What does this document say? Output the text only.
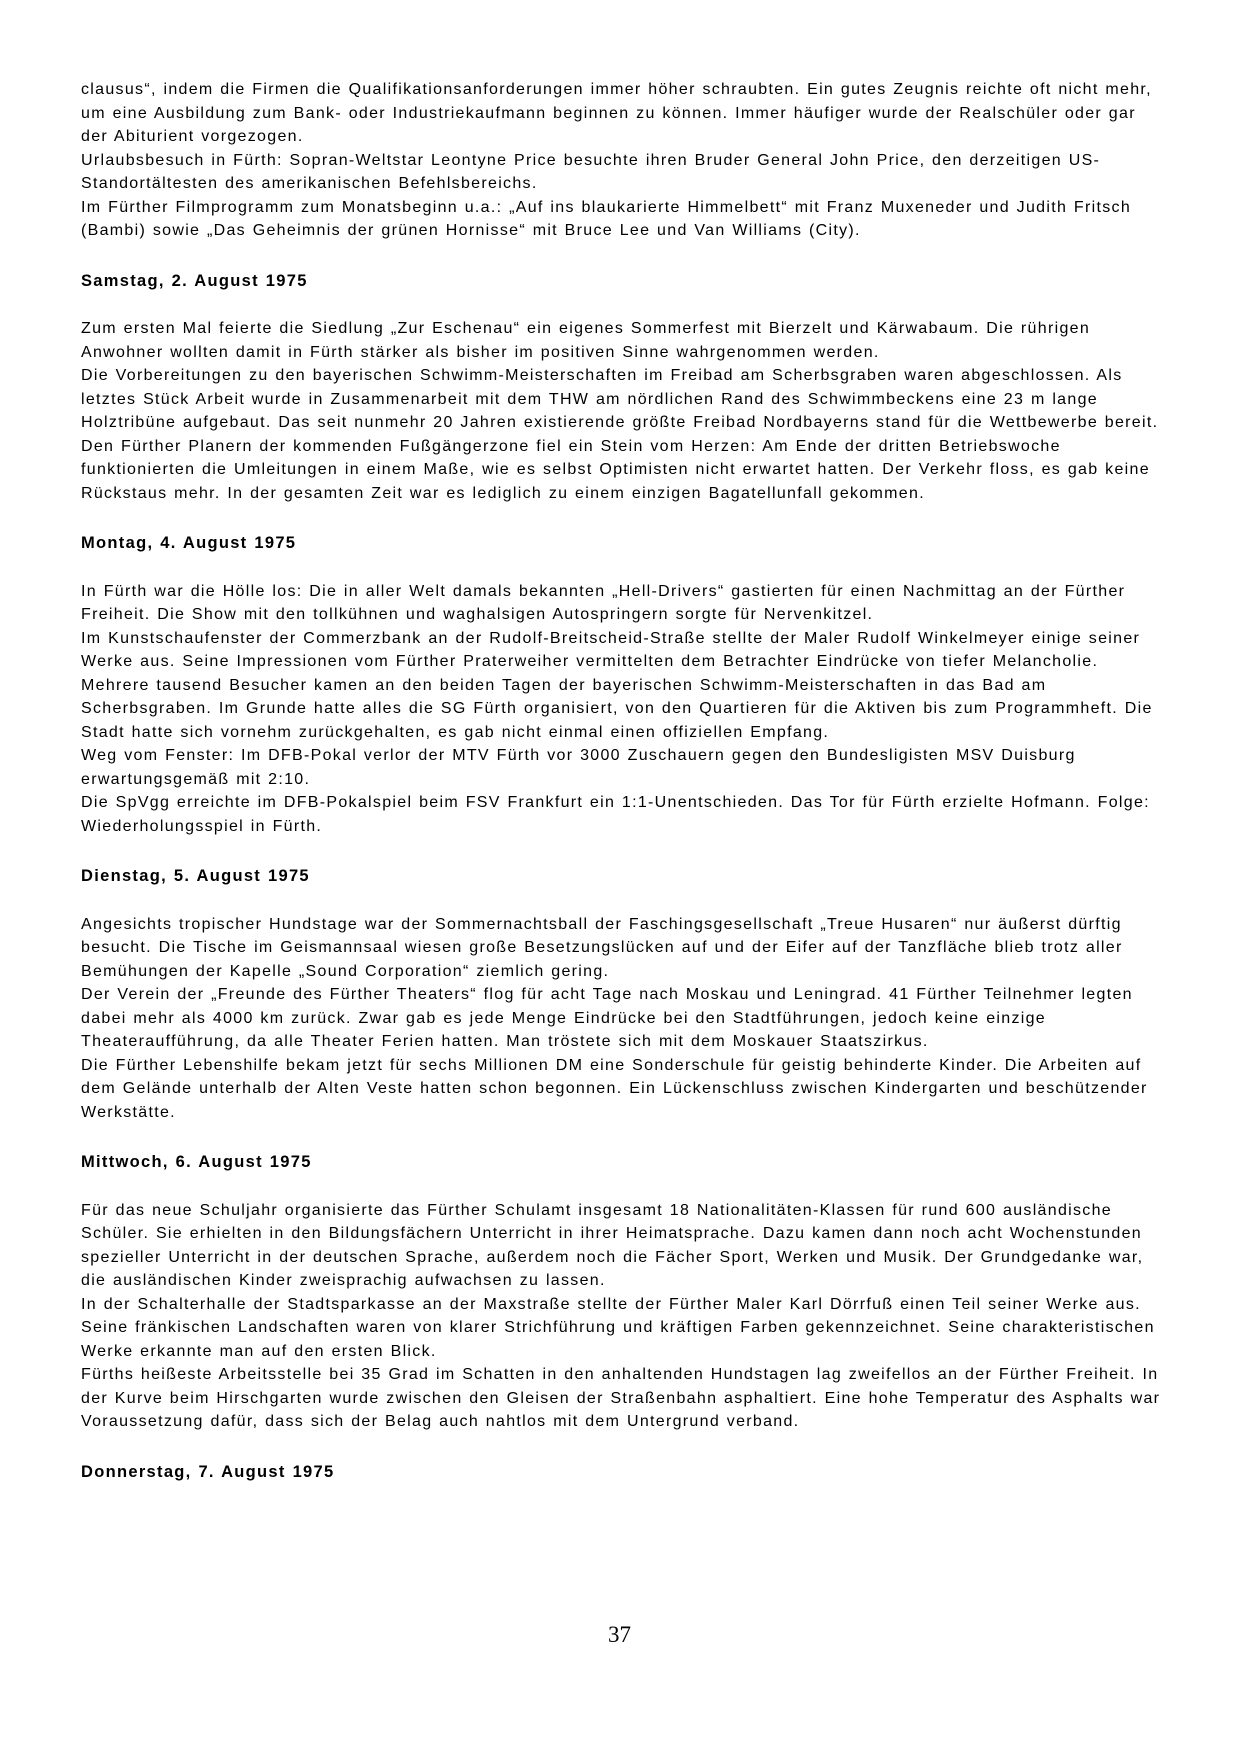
clausus“, indem die Firmen die Qualifikationsanforderungen immer höher schraubten. Ein gutes Zeugnis reichte oft nicht mehr, um eine Ausbildung zum Bank- oder Industriekaufmann beginnen zu können. Immer häufiger wurde der Realschüler oder gar der Abiturient vorgezogen.

Urlaubsbesuch in Fürth: Sopran-Weltstar Leontyne Price besuchte ihren Bruder General John Price, den derzeitigen US-Standortältesten des amerikanischen Befehlsbereichs.

Im Fürther Filmprogramm zum Monatsbeginn u.a.: „Auf ins blaukarierte Himmelbett“ mit Franz Muxeneder und Judith Fritsch (Bambi) sowie „Das Geheimnis der grünen Hornisse“ mit Bruce Lee und Van Williams (City).

Samstag, 2. August 1975

Zum ersten Mal feierte die Siedlung „Zur Eschenau“ ein eigenes Sommerfest mit Bierzelt und Kärwabaum. Die rührigen Anwohner wollten damit in Fürth stärker als bisher im positiven Sinne wahrgenommen werden.

Die Vorbereitungen zu den bayerischen Schwimm-Meisterschaften im Freibad am Scherbsgraben waren abgeschlossen. Als letztes Stück Arbeit wurde in Zusammenarbeit mit dem THW am nördlichen Rand des Schwimmbeckens eine 23 m lange Holztribüne aufgebaut. Das seit nunmehr 20 Jahren existierende größte Freibad Nordbayerns stand für die Wettbewerbe bereit.

Den Fürther Planern der kommenden Fußgängerzone fiel ein Stein vom Herzen: Am Ende der dritten Betriebswoche funktionierten die Umleitungen in einem Maße, wie es selbst Optimisten nicht erwartet hatten. Der Verkehr floss, es gab keine Rückstaus mehr. In der gesamten Zeit war es lediglich zu einem einzigen Bagatellunfall gekommen.

Montag, 4. August 1975

In Fürth war die Hölle los: Die in aller Welt damals bekannten „Hell-Drivers“ gastierten für einen Nachmittag an der Fürther Freiheit. Die Show mit den tollkühnen und waghalsigen Autospringern sorgte für Nervenkitzel.

Im Kunstschaufenster der Commerzbank an der Rudolf-Breitscheid-Straße stellte der Maler Rudolf Winkelmeyer einige seiner Werke aus. Seine Impressionen vom Fürther Praterweiher vermittelten dem Betrachter Eindrücke von tiefer Melancholie.

Mehrere tausend Besucher kamen an den beiden Tagen der bayerischen Schwimm-Meisterschaften in das Bad am Scherbsgraben. Im Grunde hatte alles die SG Fürth organisiert, von den Quartieren für die Aktiven bis zum Programmheft. Die Stadt hatte sich vornehm zurückgehalten, es gab nicht einmal einen offiziellen Empfang.

Weg vom Fenster: Im DFB-Pokal verlor der MTV Fürth vor 3000 Zuschauern gegen den Bundesligisten MSV Duisburg erwartungsgemäß mit 2:10.

Die SpVgg erreichte im DFB-Pokalspiel beim FSV Frankfurt ein 1:1-Unentschieden. Das Tor für Fürth erzielte Hofmann. Folge: Wiederholungsspiel in Fürth.

Dienstag, 5. August 1975

Angesichts tropischer Hundstage war der Sommernachtsball der Faschingsgesellschaft „Treue Husaren“ nur äußerst dürftig besucht. Die Tische im Geismannsaal wiesen große Besetzungslücken auf und der Eifer auf der Tanzfläche blieb trotz aller Bemühungen der Kapelle „Sound Corporation“ ziemlich gering.

Der Verein der „Freunde des Fürther Theaters“ flog für acht Tage nach Moskau und Leningrad. 41 Fürther Teilnehmer legten dabei mehr als 4000 km zurück. Zwar gab es jede Menge Eindrücke bei den Stadtführungen, jedoch keine einzige Theateraufführung, da alle Theater Ferien hatten. Man tröstete sich mit dem Moskauer Staatszirkus.

Die Fürther Lebenshilfe bekam jetzt für sechs Millionen DM eine Sonderschule für geistig behinderte Kinder. Die Arbeiten auf dem Gelände unterhalb der Alten Veste hatten schon begonnen. Ein Lückenschluss zwischen Kindergarten und beschützender Werkstätte.

Mittwoch, 6. August 1975

Für das neue Schuljahr organisierte das Fürther Schulamt insgesamt 18 Nationalitäten-Klassen für rund 600 ausländische Schüler. Sie erhielten in den Bildungsfächern Unterricht in ihrer Heimatsprache. Dazu kamen dann noch acht Wochenstunden spezieller Unterricht in der deutschen Sprache, außerdem noch die Fächer Sport, Werken und Musik. Der Grundgedanke war, die ausländischen Kinder zweisprachig aufwachsen zu lassen.

In der Schalterhalle der Stadtsparkasse an der Maxstraße stellte der Fürther Maler Karl Dörrfuß einen Teil seiner Werke aus. Seine fränkischen Landschaften waren von klarer Strichführung und kräftigen Farben gekennzeichnet. Seine charakteristischen Werke erkannte man auf den ersten Blick.

Fürths heißeste Arbeitsstelle bei 35 Grad im Schatten in den anhaltenden Hundstagen lag zweifellos an der Fürther Freiheit. In der Kurve beim Hirschgarten wurde zwischen den Gleisen der Straßenbahn asphaltiert. Eine hohe Temperatur des Asphalts war Voraussetzung dafür, dass sich der Belag auch nahtlos mit dem Untergrund verband.

Donnerstag, 7. August 1975
37
